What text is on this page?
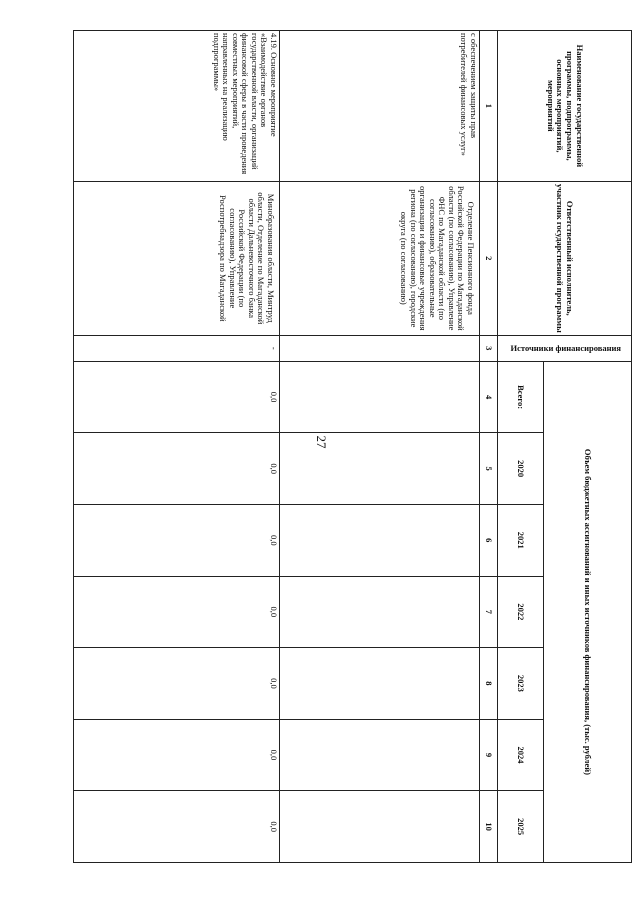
27
Наименование государственной программы, подпрограммы, основных мероприятий, мероприятий	Ответственный исполнитель, участник государственной программы	Источники финансирования	Объем бюджетных ассигнований и иных источников финансирования, (тыс. рублей)						
			Всего:	2020	2021	2022	2023	2024	2025
1	2	3	4	5	6	7	8	9	10
с обеспечением защиты прав потребителей финансовых услуг»	Отделение Пенсионного фонда Российской Федерации по Магаданской области (по согласованию), Управление ФНС по Магаданской области (по согласованию), образовательные организации и финансовые учреждения региона (по согласованию), городские округа (по согласованию)								
4.19. Основное мероприятие «Взаимодействие органов государственной власти, организаций финансовой сферы в части проведения совместных мероприятий, направленных на реализацию подпрограммы»	Минобразования области, Минтруд области, Отделение по Магаданской области Дальневосточного банка Российской Федерации (по согласованию), Управление Роспотребнадзора по Магаданской	-	0,0	0,0	0,0	0,0	0,0	0,0	0,0
